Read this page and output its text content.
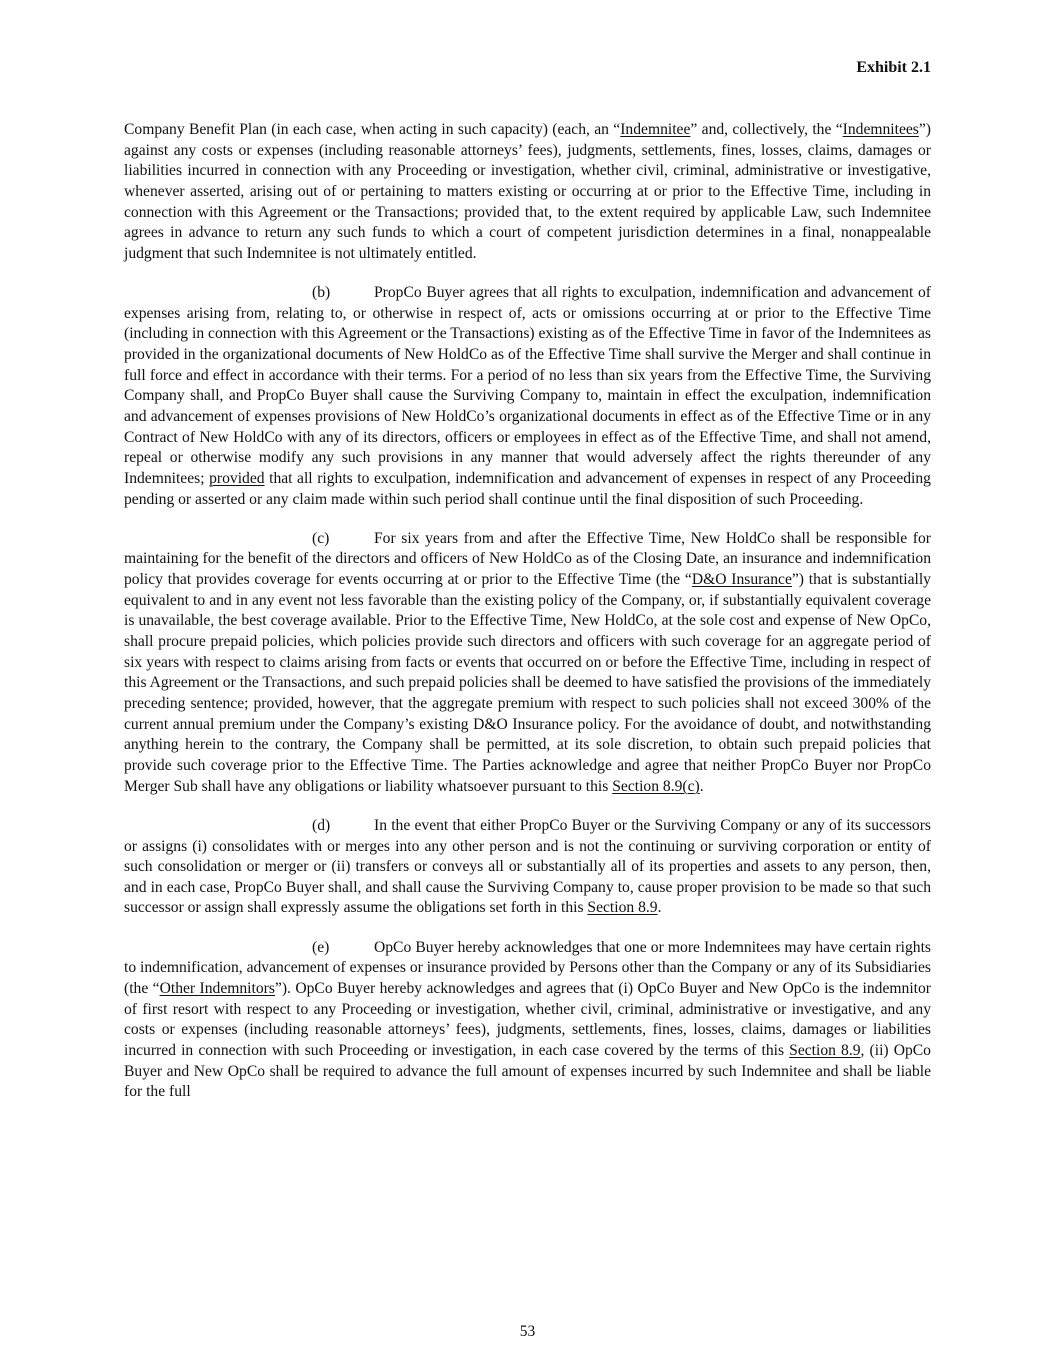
Exhibit 2.1

Company Benefit Plan (in each case, when acting in such capacity) (each, an “Indemnitee” and, collectively, the “Indemnitees”) against any costs or expenses (including reasonable attorneys’ fees), judgments, settlements, fines, losses, claims, damages or liabilities incurred in connection with any Proceeding or investigation, whether civil, criminal, administrative or investigative, whenever asserted, arising out of or pertaining to matters existing or occurring at or prior to the Effective Time, including in connection with this Agreement or the Transactions; provided that, to the extent required by applicable Law, such Indemnitee agrees in advance to return any such funds to which a court of competent jurisdiction determines in a final, nonappealable judgment that such Indemnitee is not ultimately entitled.

(b)	PropCo Buyer agrees that all rights to exculpation, indemnification and advancement of expenses arising from, relating to, or otherwise in respect of, acts or omissions occurring at or prior to the Effective Time (including in connection with this Agreement or the Transactions) existing as of the Effective Time in favor of the Indemnitees as provided in the organizational documents of New HoldCo as of the Effective Time shall survive the Merger and shall continue in full force and effect in accordance with their terms. For a period of no less than six years from the Effective Time, the Surviving Company shall, and PropCo Buyer shall cause the Surviving Company to, maintain in effect the exculpation, indemnification and advancement of expenses provisions of New HoldCo’s organizational documents in effect as of the Effective Time or in any Contract of New HoldCo with any of its directors, officers or employees in effect as of the Effective Time, and shall not amend, repeal or otherwise modify any such provisions in any manner that would adversely affect the rights thereunder of any Indemnitees; provided that all rights to exculpation, indemnification and advancement of expenses in respect of any Proceeding pending or asserted or any claim made within such period shall continue until the final disposition of such Proceeding.

(c)	For six years from and after the Effective Time, New HoldCo shall be responsible for maintaining for the benefit of the directors and officers of New HoldCo as of the Closing Date, an insurance and indemnification policy that provides coverage for events occurring at or prior to the Effective Time (the “D&O Insurance”) that is substantially equivalent to and in any event not less favorable than the existing policy of the Company, or, if substantially equivalent coverage is unavailable, the best coverage available. Prior to the Effective Time, New HoldCo, at the sole cost and expense of New OpCo, shall procure prepaid policies, which policies provide such directors and officers with such coverage for an aggregate period of six years with respect to claims arising from facts or events that occurred on or before the Effective Time, including in respect of this Agreement or the Transactions, and such prepaid policies shall be deemed to have satisfied the provisions of the immediately preceding sentence; provided, however, that the aggregate premium with respect to such policies shall not exceed 300% of the current annual premium under the Company’s existing D&O Insurance policy. For the avoidance of doubt, and notwithstanding anything herein to the contrary, the Company shall be permitted, at its sole discretion, to obtain such prepaid policies that provide such coverage prior to the Effective Time. The Parties acknowledge and agree that neither PropCo Buyer nor PropCo Merger Sub shall have any obligations or liability whatsoever pursuant to this Section 8.9(c).

(d)	In the event that either PropCo Buyer or the Surviving Company or any of its successors or assigns (i) consolidates with or merges into any other person and is not the continuing or surviving corporation or entity of such consolidation or merger or (ii) transfers or conveys all or substantially all of its properties and assets to any person, then, and in each case, PropCo Buyer shall, and shall cause the Surviving Company to, cause proper provision to be made so that such successor or assign shall expressly assume the obligations set forth in this Section 8.9.

(e)	OpCo Buyer hereby acknowledges that one or more Indemnitees may have certain rights to indemnification, advancement of expenses or insurance provided by Persons other than the Company or any of its Subsidiaries (the “Other Indemnitors”). OpCo Buyer hereby acknowledges and agrees that (i) OpCo Buyer and New OpCo is the indemnitor of first resort with respect to any Proceeding or investigation, whether civil, criminal, administrative or investigative, and any costs or expenses (including reasonable attorneys’ fees), judgments, settlements, fines, losses, claims, damages or liabilities incurred in connection with such Proceeding or investigation, in each case covered by the terms of this Section 8.9, (ii) OpCo Buyer and New OpCo shall be required to advance the full amount of expenses incurred by such Indemnitee and shall be liable for the full

53
